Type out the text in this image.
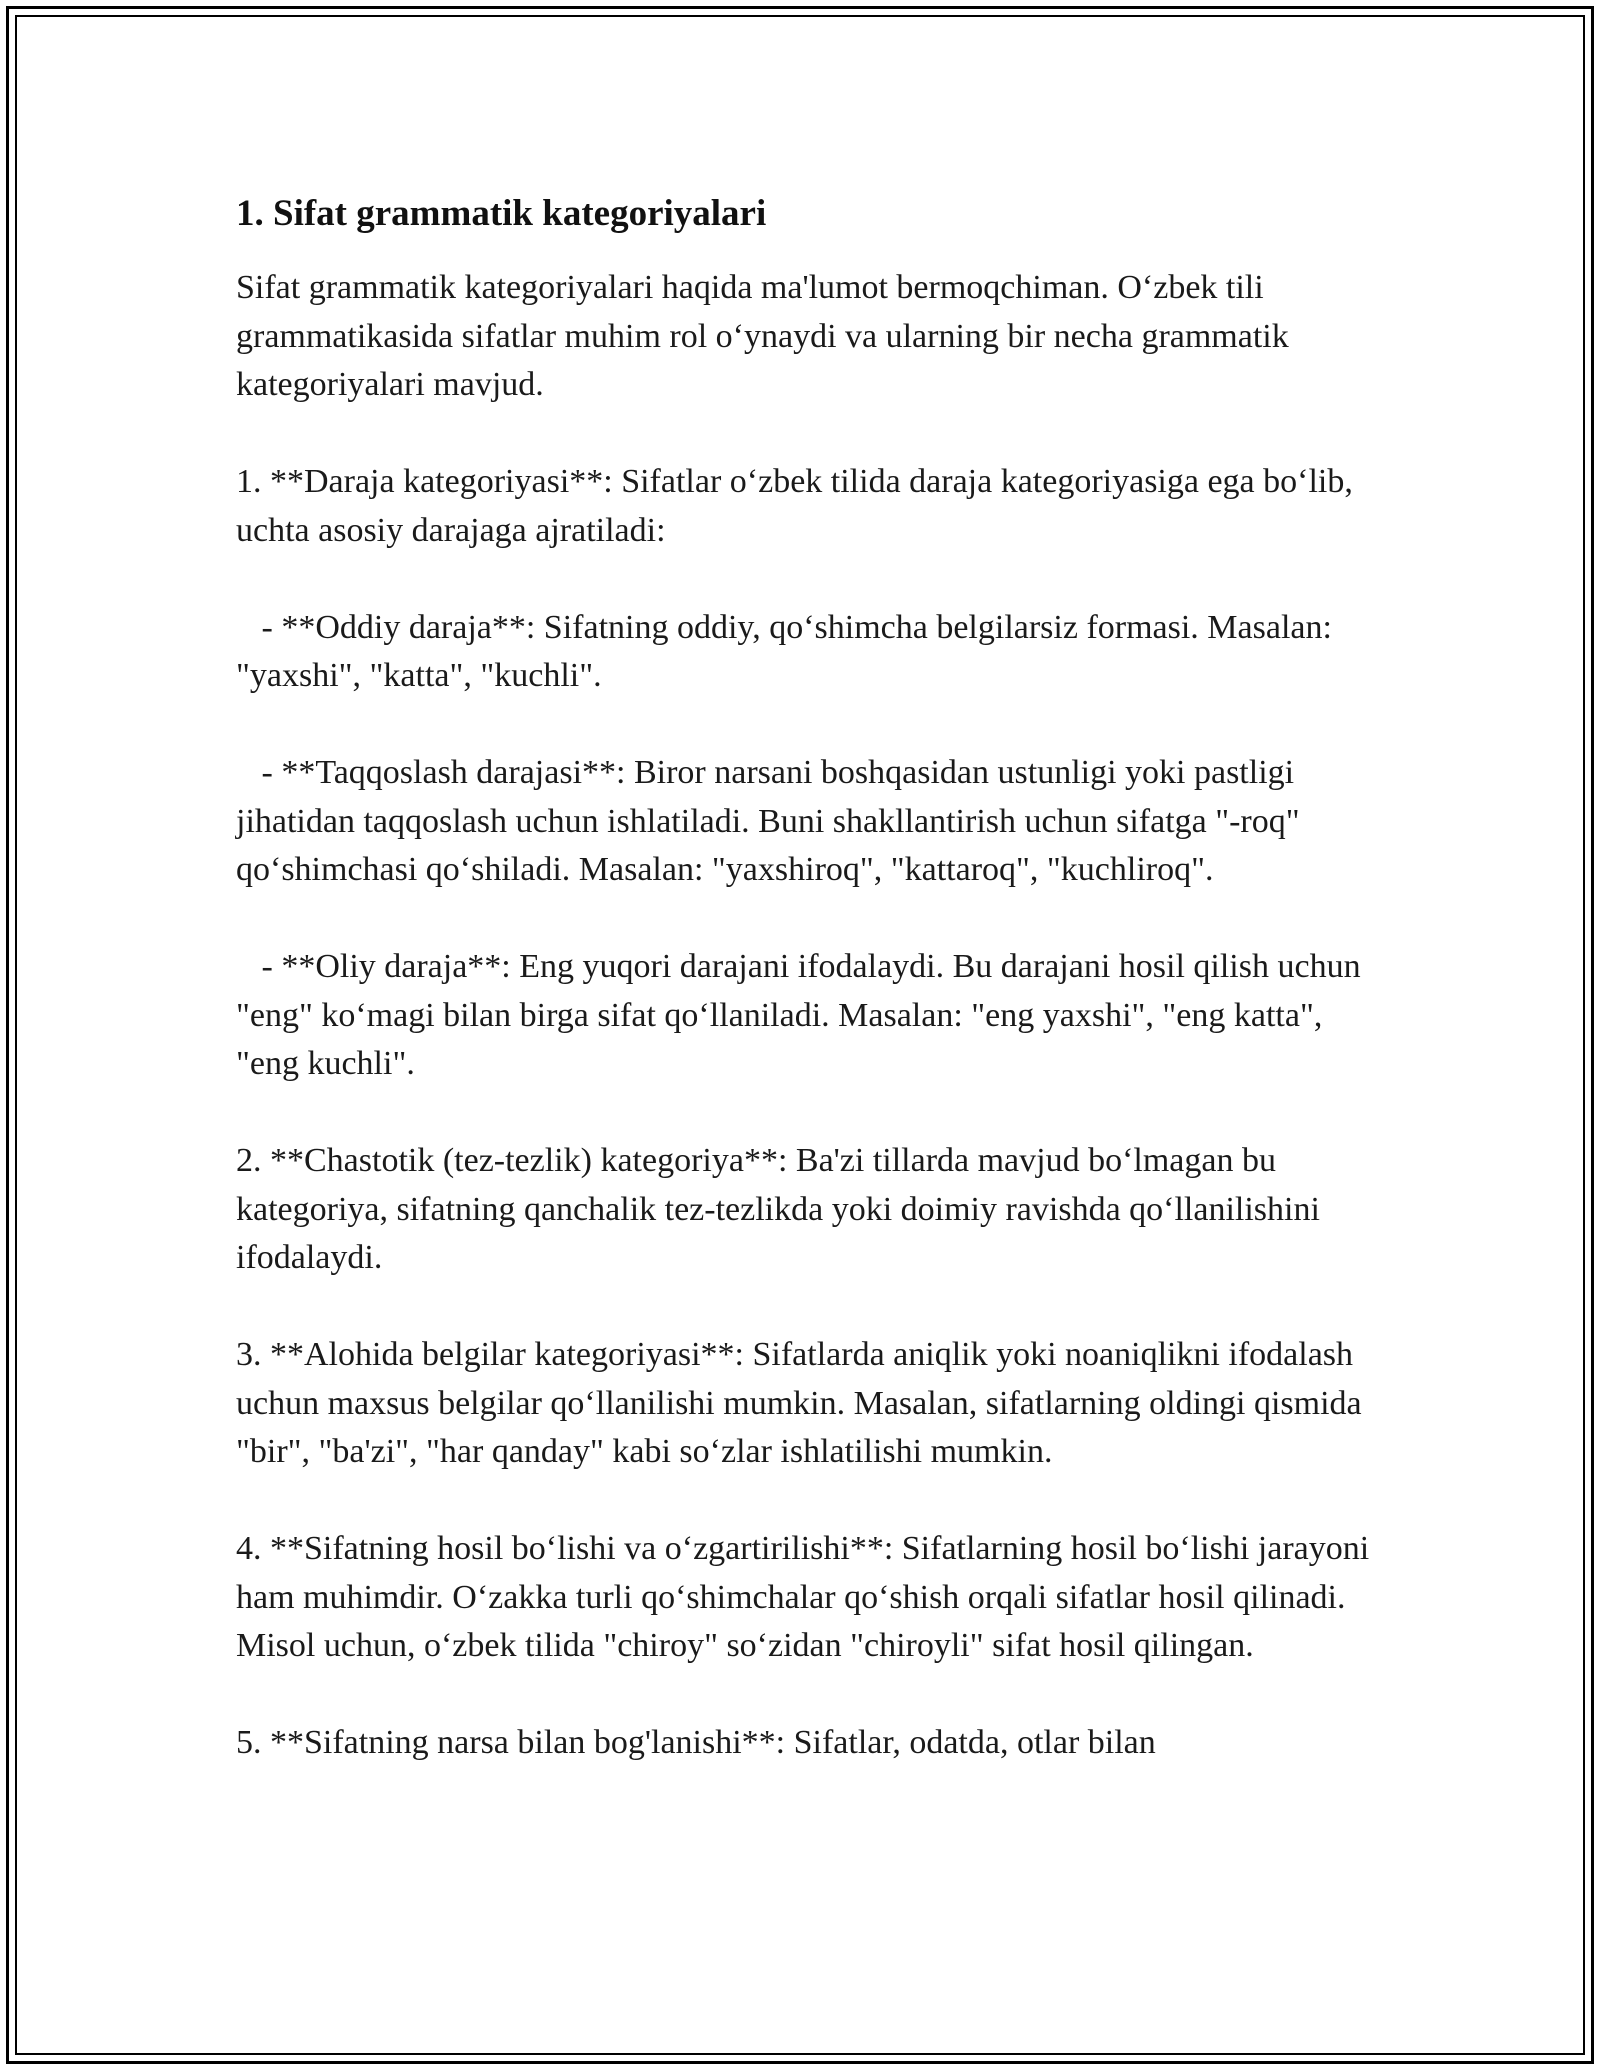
1. Sifat grammatik kategoriyalari
Sifat grammatik kategoriyalari haqida ma'lumot bermoqchiman. O‘zbek tili grammatikasida sifatlar muhim rol o‘ynaydi va ularning bir necha grammatik kategoriyalari mavjud.
1. **Daraja kategoriyasi**: Sifatlar o‘zbek tilida daraja kategoriyasiga ega bo‘lib, uchta asosiy darajaga ajratiladi:
- **Oddiy daraja**: Sifatning oddiy, qo‘shimcha belgilarsiz formasi. Masalan: "yaxshi", "katta", "kuchli".
- **Taqqoslash darajasi**: Biror narsani boshqasidan ustunligi yoki pastligi jihatidan taqqoslash uchun ishlatiladi. Buni shakllantirish uchun sifatga "-roq" qo‘shimchasi qo‘shiladi. Masalan: "yaxshiroq", "kattaroq", "kuchliroq".
- **Oliy daraja**: Eng yuqori darajani ifodalaydi. Bu darajani hosil qilish uchun "eng" ko‘magi bilan birga sifat qo‘llaniladi. Masalan: "eng yaxshi", "eng katta", "eng kuchli".
2. **Chastotik (tez-tezlik) kategoriya**: Ba'zi tillarda mavjud bo‘lmagan bu kategoriya, sifatning qanchalik tez-tezlikda yoki doimiy ravishda qo‘llanilishini ifodalaydi.
3. **Alohida belgilar kategoriyasi**: Sifatlarda aniqlik yoki noaniqlikni ifodalash uchun maxsus belgilar qo‘llanilishi mumkin. Masalan, sifatlarning oldingi qismida "bir", "ba'zi", "har qanday" kabi so‘zlar ishlatilishi mumkin.
4. **Sifatning hosil bo‘lishi va o‘zgartirilishi**: Sifatlarning hosil bo‘lishi jarayoni ham muhimdir. O‘zakka turli qo‘shimchalar qo‘shish orqali sifatlar hosil qilinadi. Misol uchun, o‘zbek tilida "chiroy" so‘zidan "chiroyli" sifat hosil qilingan.
5. **Sifatning narsa bilan bog'lanishi**: Sifatlar, odatda, otlar bilan
